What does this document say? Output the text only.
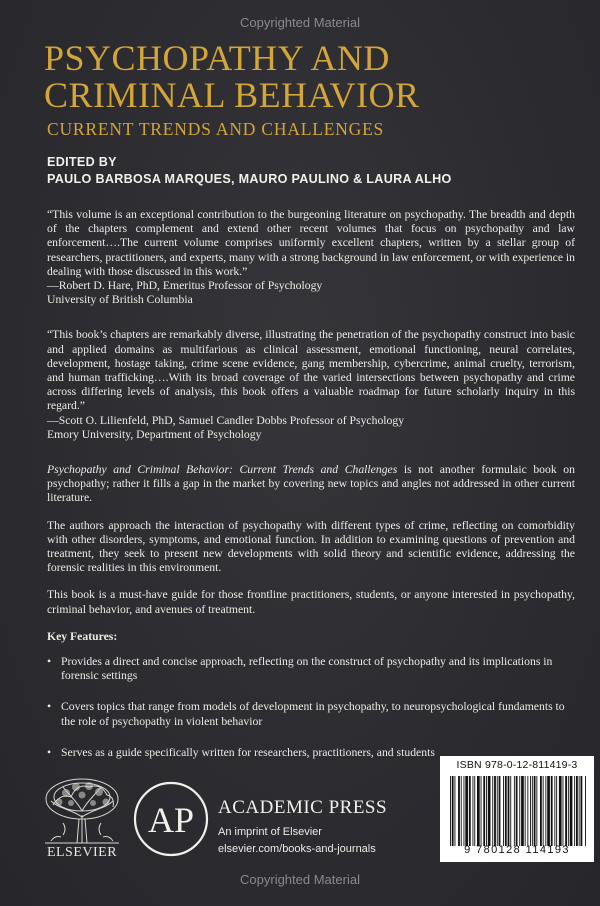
Copyrighted Material
PSYCHOPATHY AND
CRIMINAL BEHAVIOR
CURRENT TRENDS AND CHALLENGES
EDITED BY
PAULO BARBOSA MARQUES, MAURO PAULINO & LAURA ALHO

“This volume is an exceptional contribution to the burgeoning literature on psychopathy. The breadth and depth of the chapters complement and extend other recent volumes that focus on psychopathy and law enforcement….The current volume comprises uniformly excellent chapters, written by a stellar group of researchers, practitioners, and experts, many with a strong background in law enforcement, or with experience in dealing with those discussed in this work.”

—Robert D. Hare, PhD, Emeritus Professor of Psychology

University of British Columbia

“This book’s chapters are remarkably diverse, illustrating the penetration of the psychopathy construct into basic and applied domains as multifarious as clinical assessment, emotional functioning, neural correlates, development, hostage taking, crime scene evidence, gang membership, cybercrime, animal cruelty, terrorism, and human trafficking….With its broad coverage of the varied intersections between psychopathy and crime across differing levels of analysis, this book offers a valuable roadmap for future scholarly inquiry in this regard.”

—Scott O. Lilienfeld, PhD, Samuel Candler Dobbs Professor of Psychology

Emory University, Department of Psychology

Psychopathy and Criminal Behavior: Current Trends and Challenges is not another formulaic book on psychopathy; rather it fills a gap in the market by covering new topics and angles not addressed in other current literature.

The authors approach the interaction of psychopathy with different types of crime, reflecting on comorbidity with other disorders, symptoms, and emotional function. In addition to examining questions of prevention and treatment, they seek to present new developments with solid theory and scientific evidence, addressing the forensic realities in this environment.

This book is a must-have guide for those frontline practitioners, students, or anyone interested in psychopathy, criminal behavior, and avenues of treatment.

Key Features:
• Provides a direct and concise approach, reflecting on the construct of psychopathy and its implications in forensic settings
• Covers topics that range from models of development in psychopathy, to neuropsychological fundaments to the role of psychopathy in violent behavior
• Serves as a guide specifically written for researchers, practitioners, and students
ELSEVIER
AP ACADEMIC PRESS
An imprint of Elsevier
elsevier.com/books-and-journals
ISBN 978-0-12-811419-3
9 780128 114193
Copyrighted Material
